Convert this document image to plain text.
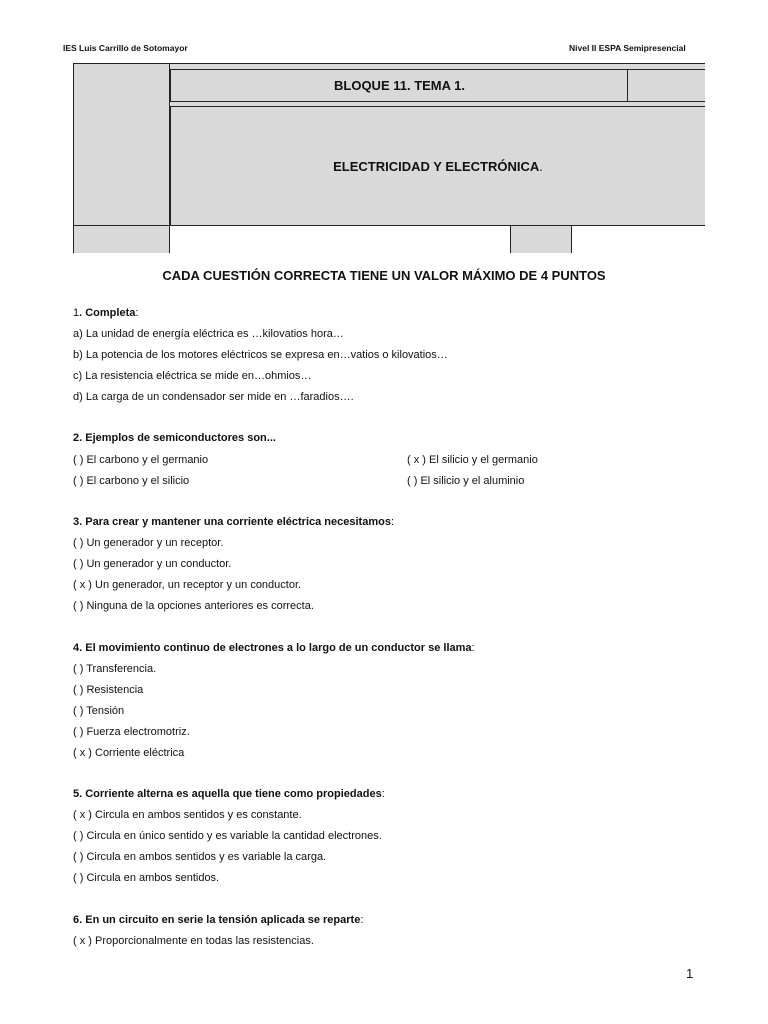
IES Luis Carrillo de Sotomayor	Nivel II ESPA Semipresencial
BLOQUE 11. TEMA 1.
ELECTRICIDAD Y ELECTRÓNICA .
CADA CUESTIÓN CORRECTA TIENE UN VALOR MÁXIMO DE 4 PUNTOS
1. Completa:
a) La unidad de energía eléctrica es …kilovatios hora…
b) La potencia de los motores eléctricos se expresa en…vatios o kilovatios…
c) La resistencia eléctrica se mide en…ohmios…
d) La carga de un condensador ser mide en …faradios….
2. Ejemplos de semiconductores son...
( ) El carbono y el germanio	( x ) El silicio y el germanio
( ) El carbono y el silicio	( ) El silicio y el aluminio
3. Para crear y mantener una corriente eléctrica necesitamos:
( ) Un generador y un receptor.
( ) Un generador y un conductor.
( x ) Un generador, un receptor y un conductor.
( ) Ninguna de la opciones anteriores es correcta.
4. El movimiento continuo de electrones a lo largo de un conductor se llama:
( ) Transferencia.
( ) Resistencia
( ) Tensión
( ) Fuerza electromotriz.
( x ) Corriente eléctrica
5. Corriente alterna es aquella que tiene como propiedades:
( x ) Circula en ambos sentidos y es constante.
( ) Circula en único sentido y es variable la cantidad electrones.
( ) Circula en ambos sentidos y es variable la carga.
( ) Circula en ambos sentidos.
6. En un circuito en serie la tensión aplicada se reparte:
( x ) Proporcionalmente en todas las resistencias.
1
